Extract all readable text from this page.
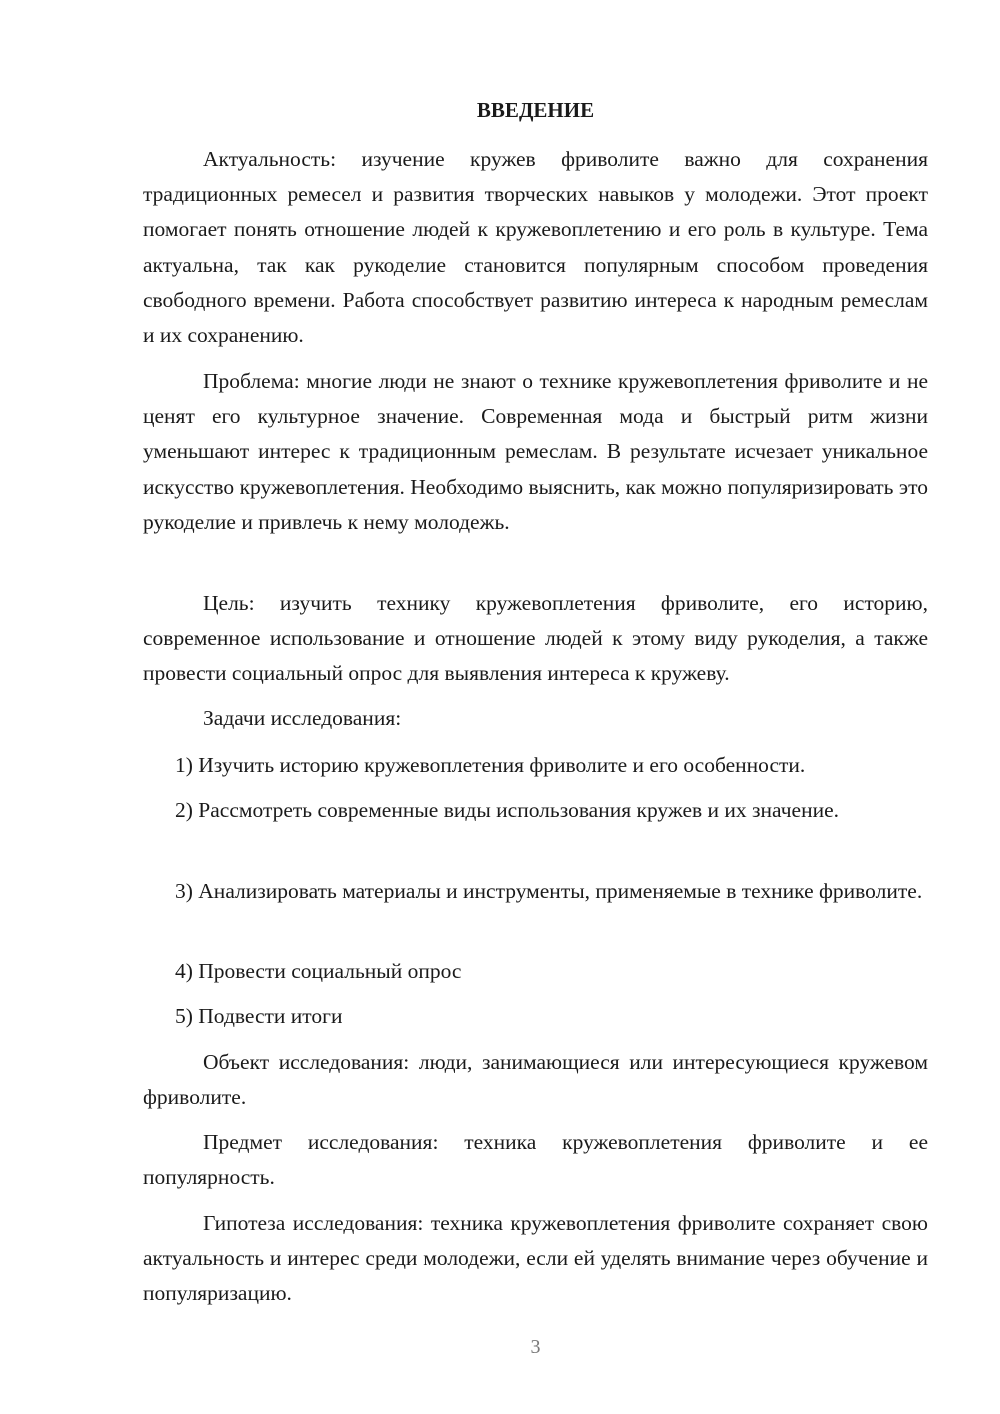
ВВЕДЕНИЕ

Актуальность: изучение кружев фриволите важно для сохранения традиционных ремесел и развития творческих навыков у молодежи. Этот проект помогает понять отношение людей к кружевоплетению и его роль в культуре. Тема актуальна, так как рукоделие становится популярным способом проведения свободного времени. Работа способствует развитию интереса к народным ремеслам и их сохранению.

Проблема: многие люди не знают о технике кружевоплетения фриволите и не ценят его культурное значение. Современная мода и быстрый ритм жизни уменьшают интерес к традиционным ремеслам. В результате исчезает уникальное искусство кружевоплетения. Необходимо выяснить, как можно популяризировать это рукоделие и привлечь к нему молодежь.

Цель: изучить технику кружевоплетения фриволите, его историю, современное использование и отношение людей к этому виду рукоделия, а также провести социальный опрос для выявления интереса к кружеву.

Задачи исследования:

1) Изучить историю кружевоплетения фриволите и его особенности.

2) Рассмотреть современные виды использования кружев и их значение.

3) Анализировать материалы и инструменты, применяемые в технике фриволите.

4) Провести социальный опрос

5) Подвести итоги

Объект исследования: люди, занимающиеся или интересующиеся кружевом фриволите.

Предмет исследования: техника кружевоплетения фриволите и ее популярность.

Гипотеза исследования: техника кружевоплетения фриволите сохраняет свою актуальность и интерес среди молодежи, если ей уделять внимание через обучение и популяризацию.

3
